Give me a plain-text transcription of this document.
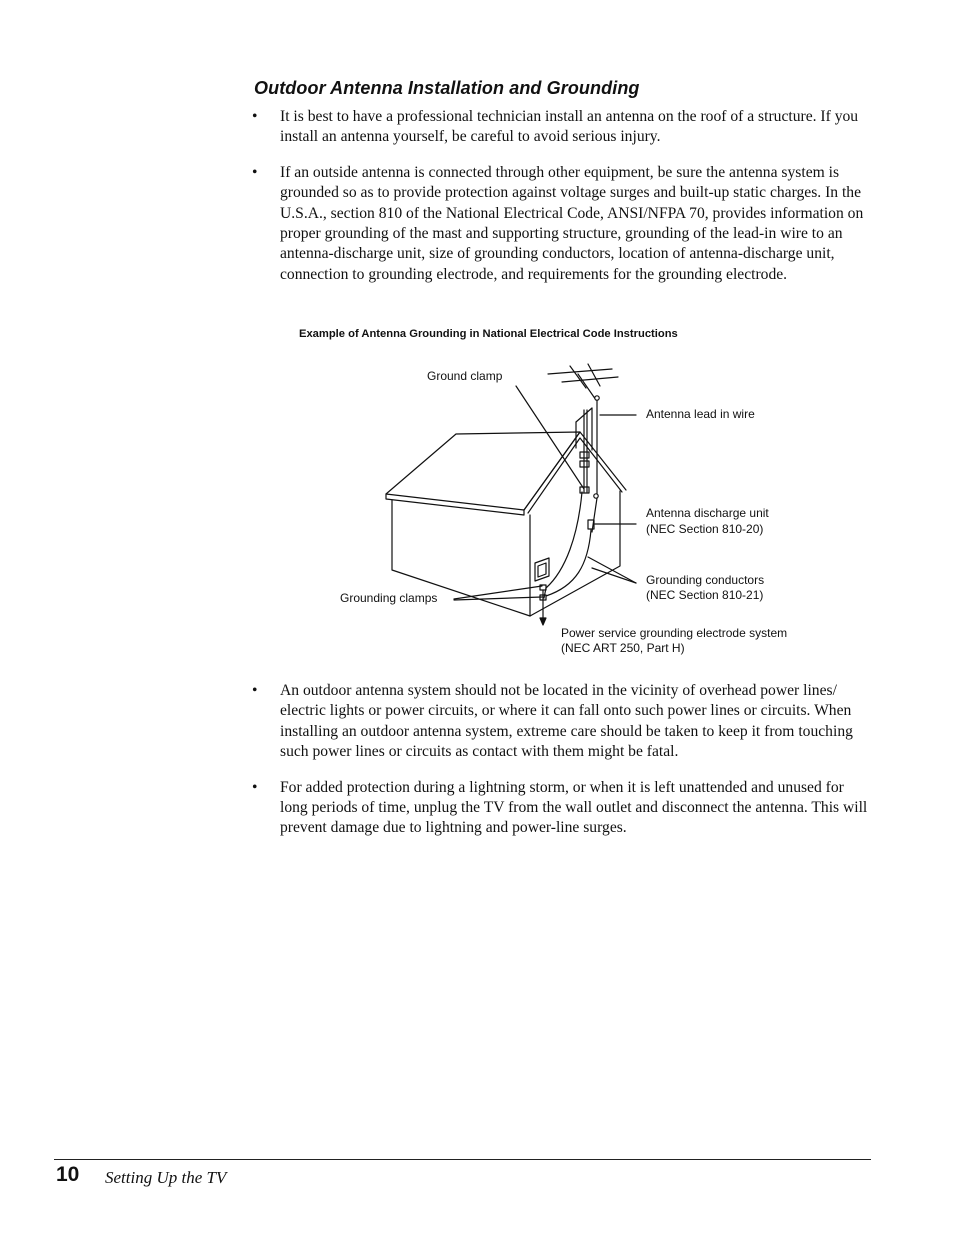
Outdoor Antenna Installation and Grounding
• It is best to have a professional technician install an antenna on the roof of a structure. If you install an antenna yourself, be careful to avoid serious injury.
• If an outside antenna is connected through other equipment, be sure the antenna system is grounded so as to provide protection against voltage surges and built-up static charges. In the U.S.A., section 810 of the National Electrical Code, ANSI/NFPA 70, provides information on proper grounding of the mast and supporting structure, grounding of the lead-in wire to an antenna-discharge unit, size of grounding conductors, location of antenna-discharge unit, connection to grounding electrode, and requirements for the grounding electrode.

Example of Antenna Grounding in National Electrical Code Instructions

Ground clamp
Antenna lead in wire
Antenna discharge unit
(NEC Section 810-20)
Grounding conductors
(NEC Section 810-21)
Grounding clamps
Power service grounding electrode system
(NEC ART 250, Part H)
• An outdoor antenna system should not be located in the vicinity of overhead power lines/ electric lights or power circuits, or where it can fall onto such power lines or circuits. When installing an outdoor antenna system, extreme care should be taken to keep it from touching such power lines or circuits as contact with them might be fatal.
• For added protection during a lightning storm, or when it is left unattended and unused for long periods of time, unplug the TV from the wall outlet and disconnect the antenna. This will prevent damage due to lightning and power-line surges.
10 Setting Up the TV
